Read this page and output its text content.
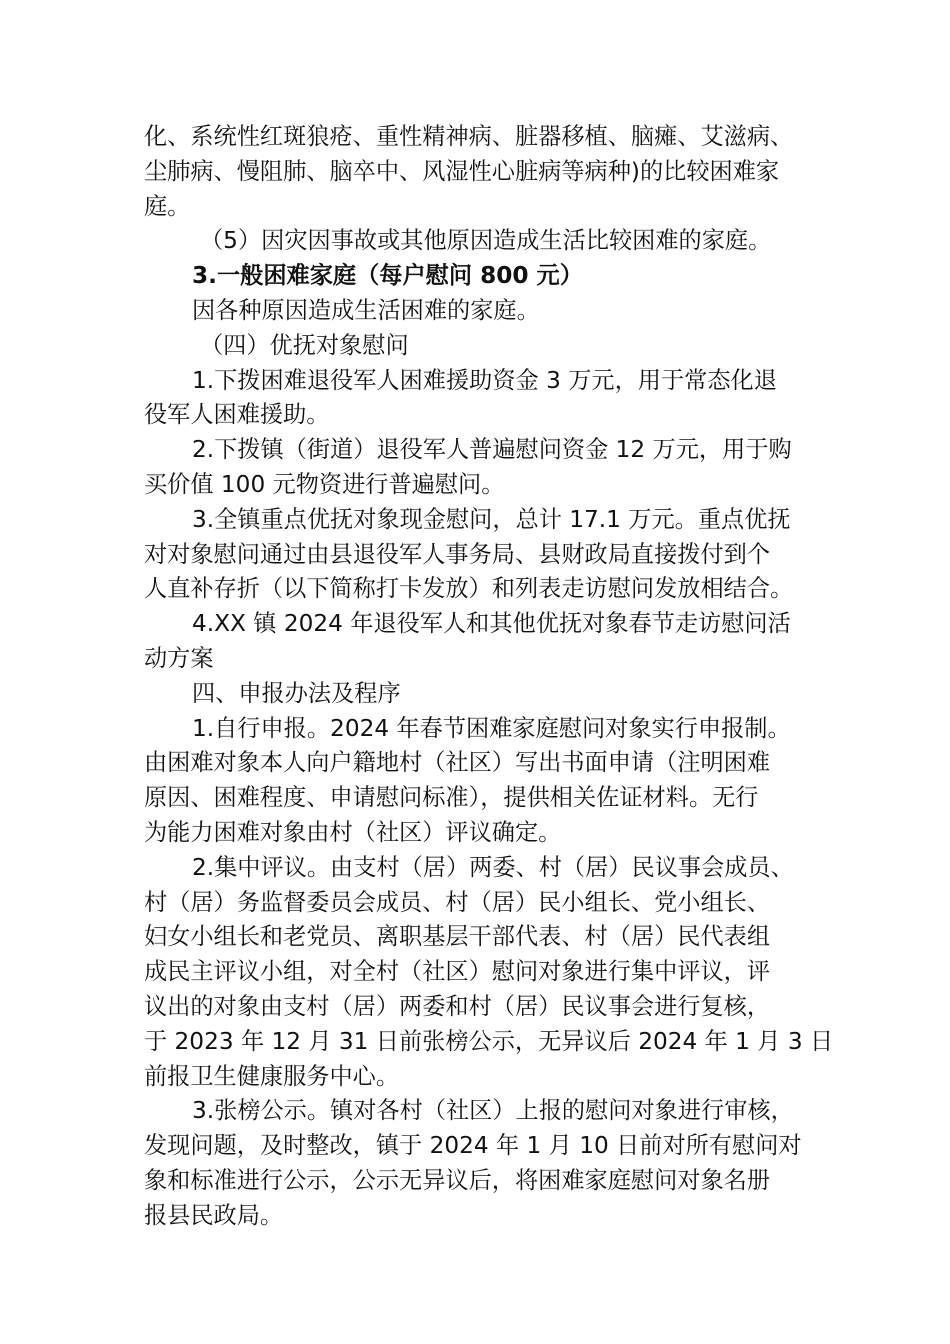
化、系统性红斑狼疮、重性精神病、脏器移植、脑瘫、艾滋病、
尘肺病、慢阻肺、脑卒中、风湿性心脏病等病种)的比较困难家
庭。
（5）因灾因事故或其他原因造成生活比较困难的家庭。
3.一般困难家庭（每户慰问 800 元）
因各种原因造成生活困难的家庭。
（四）优抚对象慰问
1.下拨困难退役军人困难援助资金 3 万元，用于常态化退
役军人困难援助。
2.下拨镇（街道）退役军人普遍慰问资金 12 万元，用于购
买价值 100 元物资进行普遍慰问。
3.全镇重点优抚对象现金慰问，总计 17.1 万元。重点优抚
对对象慰问通过由县退役军人事务局、县财政局直接拨付到个
人直补存折（以下简称打卡发放）和列表走访慰问发放相结合。
4.XX 镇 2024 年退役军人和其他优抚对象春节走访慰问活
动方案
四、申报办法及程序
1.自行申报。2024 年春节困难家庭慰问对象实行申报制。
由困难对象本人向户籍地村（社区）写出书面申请（注明困难
原因、困难程度、申请慰问标准），提供相关佐证材料。无行
为能力困难对象由村（社区）评议确定。
2.集中评议。由支村（居）两委、村（居）民议事会成员、
村（居）务监督委员会成员、村（居）民小组长、党小组长、
妇女小组长和老党员、离职基层干部代表、村（居）民代表组
成民主评议小组，对全村（社区）慰问对象进行集中评议，评
议出的对象由支村（居）两委和村（居）民议事会进行复核，
于 2023 年 12 月 31 日前张榜公示，无异议后 2024 年 1 月 3 日
前报卫生健康服务中心。
3.张榜公示。镇对各村（社区）上报的慰问对象进行审核，
发现问题，及时整改，镇于 2024 年 1 月 10 日前对所有慰问对
象和标准进行公示，公示无异议后，将困难家庭慰问对象名册
报县民政局。
